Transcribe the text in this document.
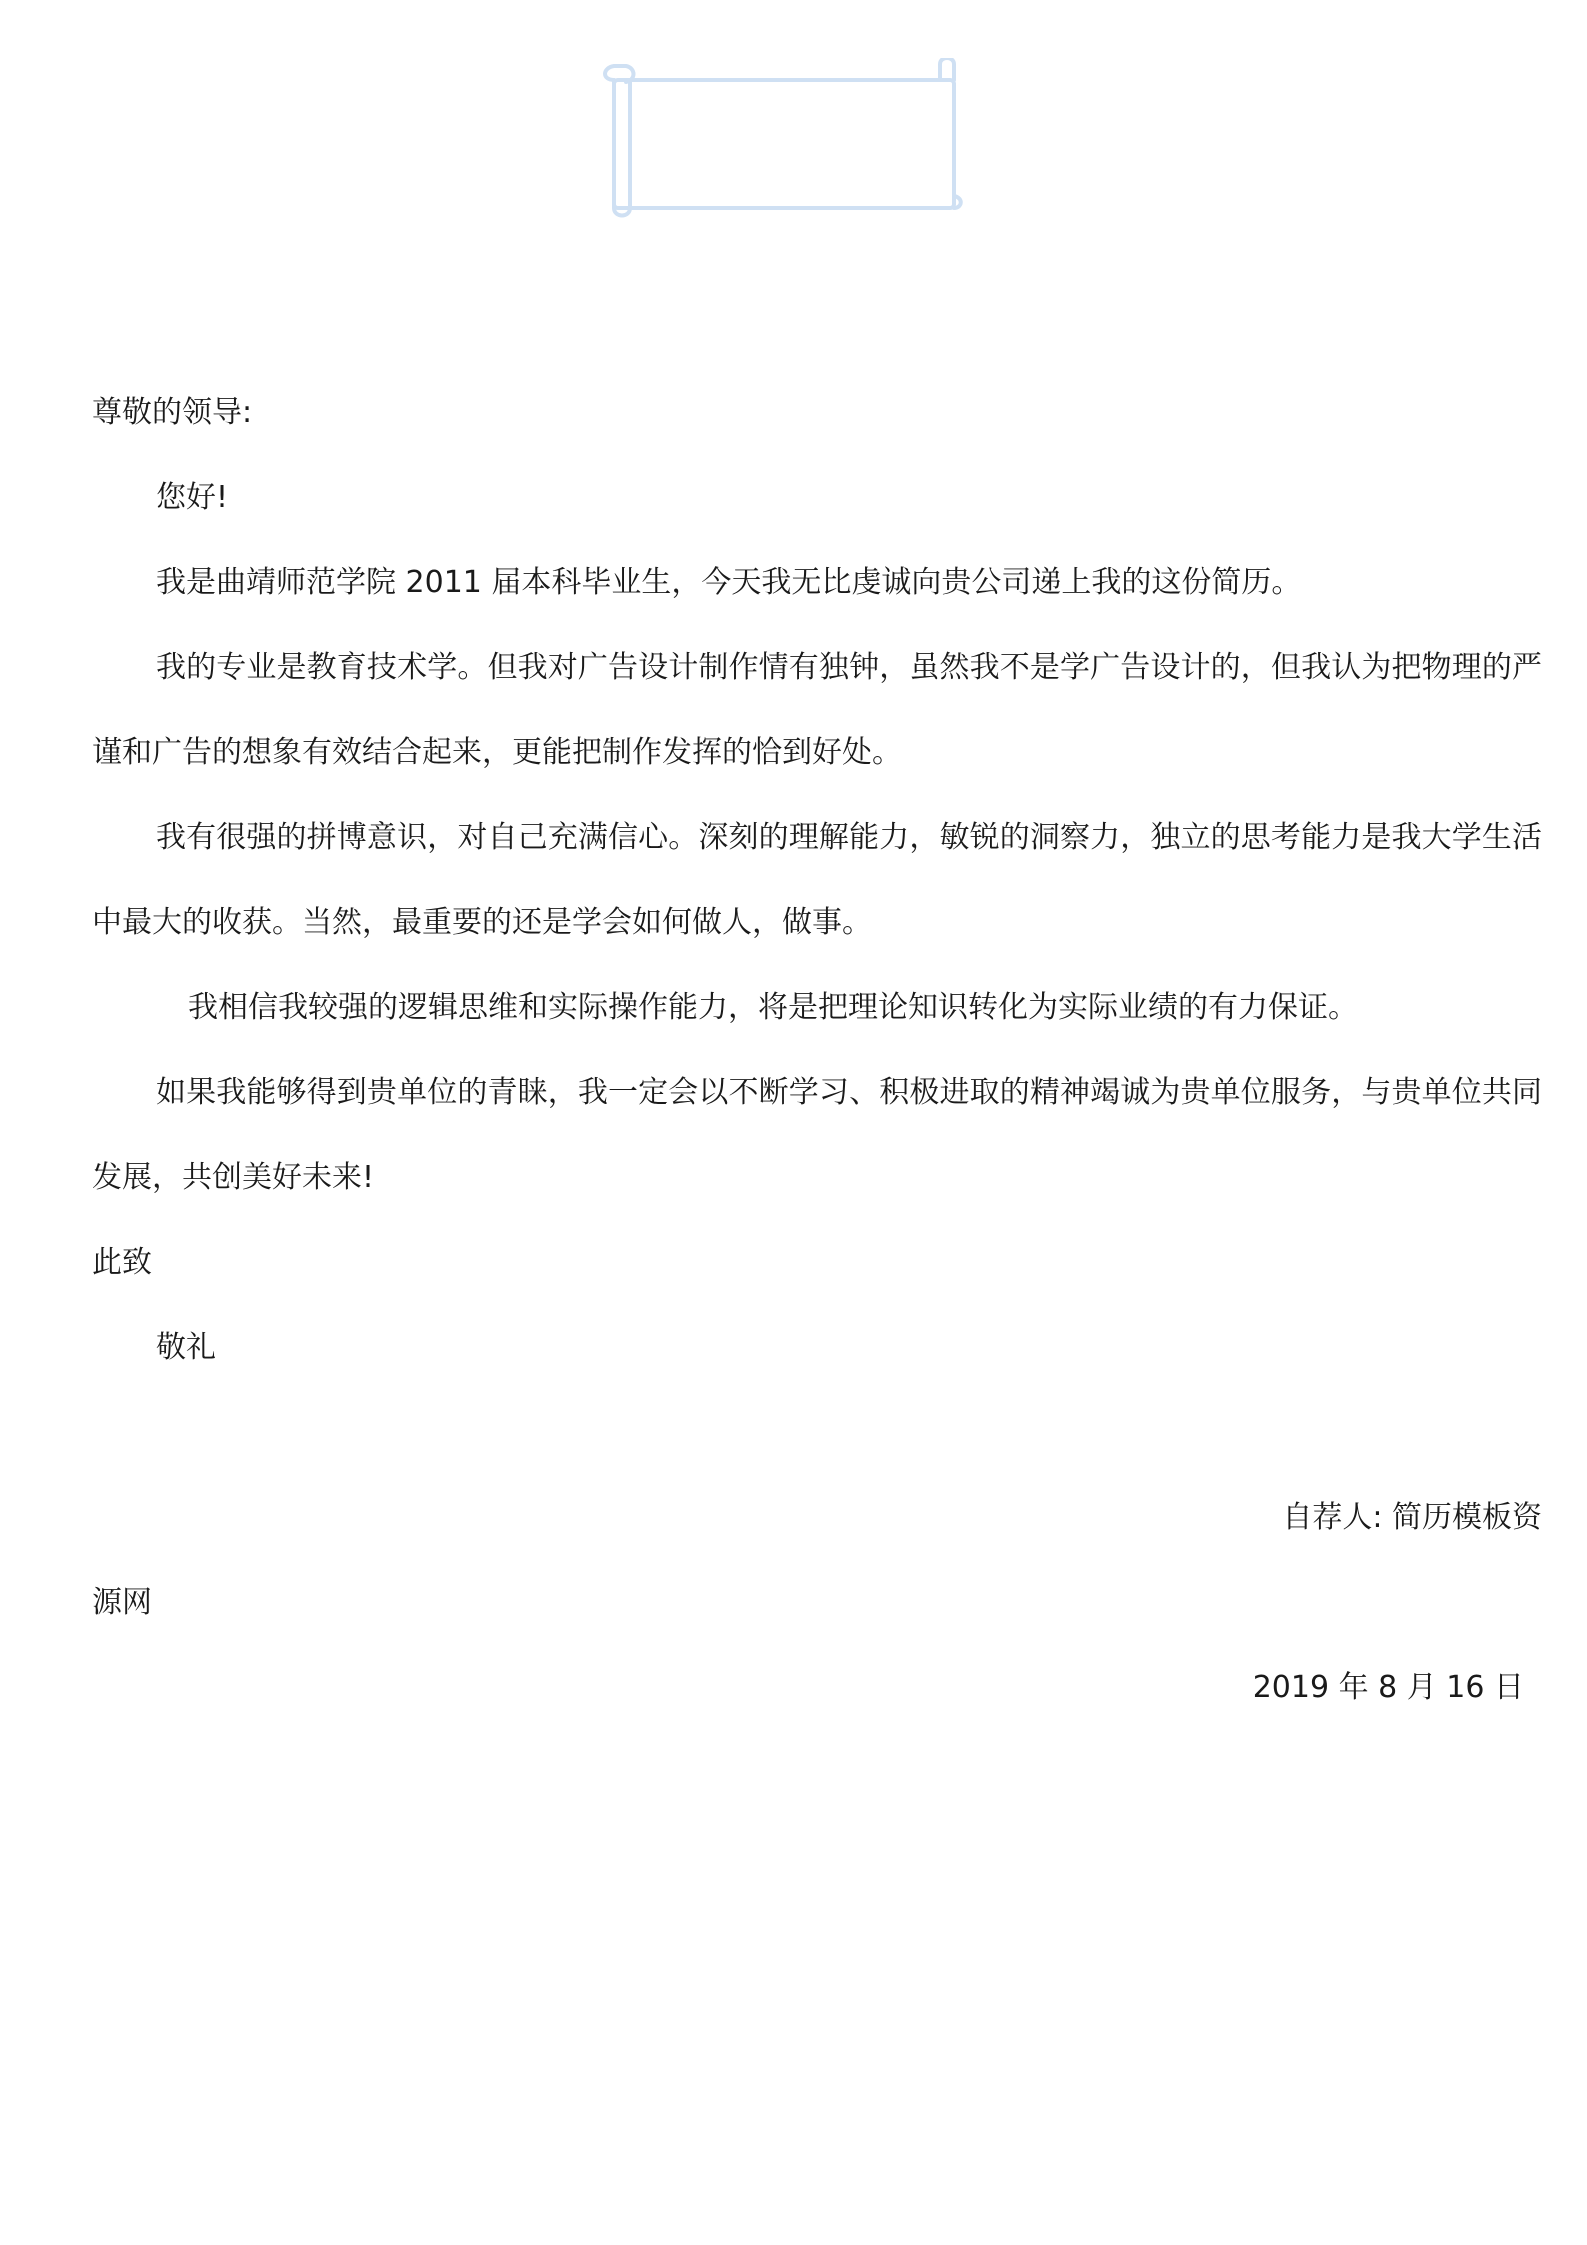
尊敬的领导:

您好!

我是曲靖师范学院 2011 届本科毕业生，今天我无比虔诚向贵公司递上我的这份简历。

我的专业是教育技术学。但我对广告设计制作情有独钟，虽然我不是学广告设计的，但我认为把物理的严谨和广告的想象有效结合起来，更能把制作发挥的恰到好处。

我有很强的拼博意识，对自己充满信心。深刻的理解能力，敏锐的洞察力，独立的思考能力是我大学生活中最大的收获。当然，最重要的还是学会如何做人，做事。

我相信我较强的逻辑思维和实际操作能力，将是把理论知识转化为实际业绩的有力保证。

如果我能够得到贵单位的青睐，我一定会以不断学习、积极进取的精神竭诚为贵单位服务，与贵单位共同发展，共创美好未来!

此致

敬礼

自荐人: 简历模板资

源网

2019 年 8 月 16 日
